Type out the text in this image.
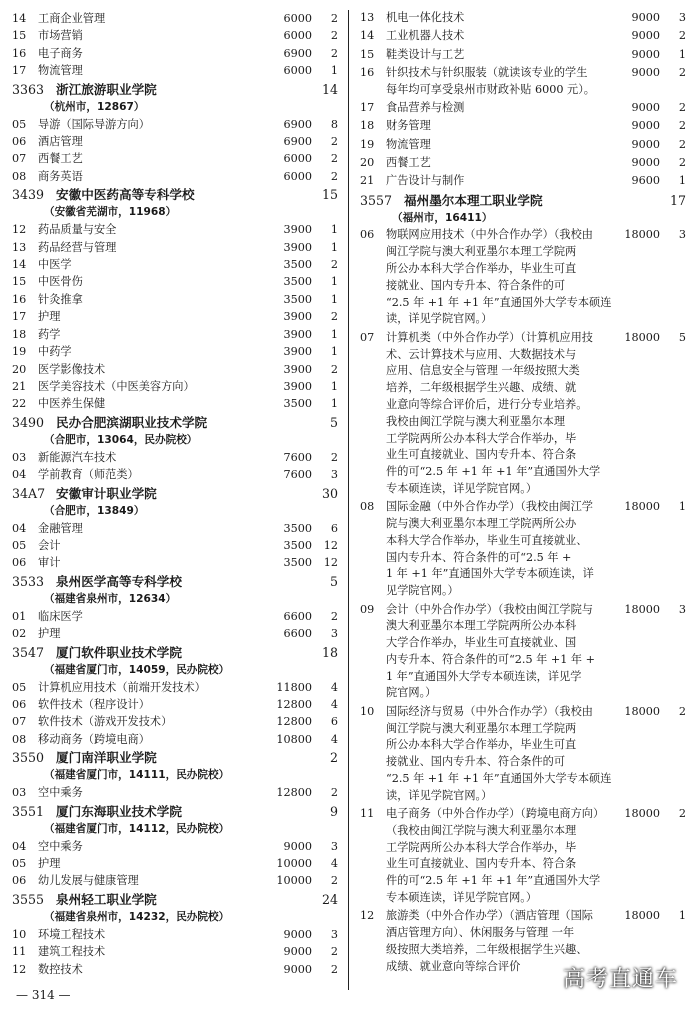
14	工商企业管理	6000	2
15	市场营销	6000	2
16	电子商务	6900	2
17	物流管理	6000	1
3363 浙江旅游职业学院	14
（杭州市，12867）
05	导游（国际导游方向）	6900	8
06	酒店管理	6900	2
07	西餐工艺	6000	2
08	商务英语	6000	2
3439 安徽中医药高等专科学校	15
（安徽省芜湖市，11968）
12	药品质量与安全	3900	1
13	药品经营与管理	3900	1
14	中医学	3500	2
15	中医骨伤	3500	1
16	针灸推拿	3500	1
17	护理	3900	2
18	药学	3900	1
19	中药学	3900	1
20	医学影像技术	3900	2
21	医学美容技术（中医美容方向）	3900	1
22	中医养生保健	3500	1
3490 民办合肥滨湖职业技术学院	5
（合肥市，13064，民办院校）
03	新能源汽车技术	7600	2
04	学前教育（师范类）	7600	3
34A7 安徽审计职业学院	30
（合肥市，13849）
04	金融管理	3500	6
05	会计	3500	12
06	审计	3500	12
3533 泉州医学高等专科学校	5
（福建省泉州市，12634）
01	临床医学	6600	2
02	护理	6600	3
3547 厦门软件职业技术学院	18
（福建省厦门市，14059，民办院校）
05	计算机应用技术（前端开发技术）	11800	4
06	软件技术（程序设计）	12800	4
07	软件技术（游戏开发技术）	12800	6
08	移动商务（跨境电商）	10800	4
3550 厦门南洋职业学院	2
（福建省厦门市，14111，民办院校）
03	空中乘务	12800	2
3551 厦门东海职业技术学院	9
（福建省厦门市，14112，民办院校）
04	空中乘务	9000	3
05	护理	10000	4
06	幼儿发展与健康管理	10000	2
3555 泉州轻工职业学院	24
（福建省泉州市，14232，民办院校）
10	环境工程技术	9000	3
11	建筑工程技术	9000	2
12	数控技术	9000	2
13	机电一体化技术	9000	3
14	工业机器人技术	9000	2
15	鞋类设计与工艺	9000	1
16	针织技术与针织服装（就读该专业的学生
每年均可享受泉州市财政补贴 6000 元）。
9000	2
17	食品营养与检测	9000	2
18	财务管理	9000	2
19	物流管理	9000	2
20	西餐工艺	9000	2
21	广告设计与制作	9600	1
3557 福州墨尔本理工职业学院	17
（福州市，16411）
06	物联网应用技术（中外合作办学）（我校由
闽江学院与澳大利亚墨尔本理工学院两
所公办本科大学合作举办，毕业生可直
接就业、国内专升本、符合条件的可
“2.5 年 +1 年 +1 年”直通国外大学专本硕连
读，详见学院官网。）
18000	3
07	计算机类（中外合作办学）（计算机应用技
术、云计算技术与应用、大数据技术与
应用、信息安全与管理 一年级按照大类
培养，二年级根据学生兴趣、成绩、就
业意向等综合评价后，进行分专业培养。
我校由闽江学院与澳大利亚墨尔本理
工学院两所公办本科大学合作举办，毕
业生可直接就业、国内专升本、符合条
件的可“2.5 年 +1 年 +1 年”直通国外大学
专本硕连读，详见学院官网。）
18000	5
08	国际金融（中外合作办学）（我校由闽江学
院与澳大利亚墨尔本理工学院两所公办
本科大学合作举办，毕业生可直接就业、
国内专升本、符合条件的可“2.5 年 +
1 年 +1 年”直通国外大学专本硕连读，详
见学院官网。）
18000	1
09	会计（中外合作办学）（我校由闽江学院与
澳大利亚墨尔本理工学院两所公办本科
大学合作举办，毕业生可直接就业、国
内专升本、符合条件的可“2.5 年 +1 年 +
1 年”直通国外大学专本硕连读，详见学
院官网。）
18000	3
10	国际经济与贸易（中外合作办学）（我校由
闽江学院与澳大利亚墨尔本理工学院两
所公办本科大学合作举办，毕业生可直
接就业、国内专升本、符合条件的可
“2.5 年 +1 年 +1 年”直通国外大学专本硕连
读，详见学院官网。）
18000	2
11	电子商务（中外合作办学）（跨境电商方向）
（我校由闽江学院与澳大利亚墨尔本理
工学院两所公办本科大学合作举办，毕
业生可直接就业、国内专升本、符合条
件的可“2.5 年 +1 年 +1 年”直通国外大学
专本硕连读，详见学院官网。）
18000	2
12	旅游类（中外合作办学）（酒店管理（国际
酒店管理方向）、休闲服务与管理 一年
级按照大类培养，二年级根据学生兴趣、
成绩、就业意向等综合评价
18000	1
— 314 —
高考直通车
